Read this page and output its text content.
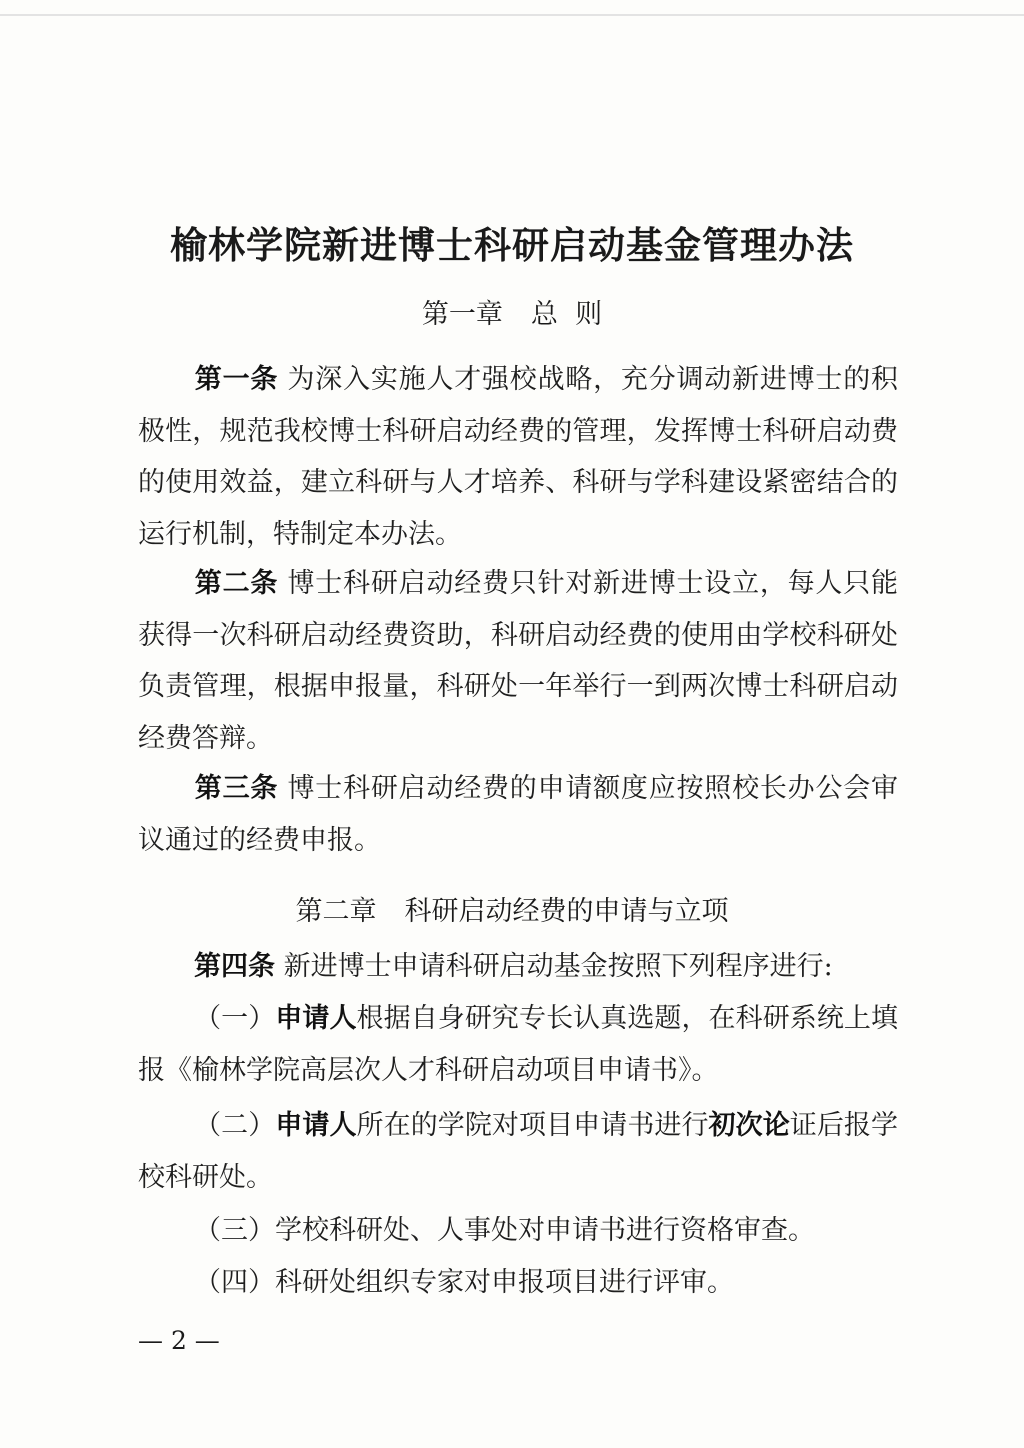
榆林学院新进博士科研启动基金管理办法
第一章 总  则
第一条 为深入实施人才强校战略，充分调动新进博士的积极性，规范我校博士科研启动经费的管理，发挥博士科研启动费的使用效益，建立科研与人才培养、科研与学科建设紧密结合的运行机制，特制定本办法。
第二条 博士科研启动经费只针对新进博士设立，每人只能获得一次科研启动经费资助，科研启动经费的使用由学校科研处负责管理，根据申报量，科研处一年举行一到两次博士科研启动经费答辩。
第三条 博士科研启动经费的申请额度应按照校长办公会审议通过的经费申报。
第二章 科研启动经费的申请与立项
第四条 新进博士申请科研启动基金按照下列程序进行:
（一）申请人根据自身研究专长认真选题，在科研系统上填报《榆林学院高层次人才科研启动项目申请书》。
（二）申请人所在的学院对项目申请书进行初次论证后报学校科研处。
（三）学校科研处、人事处对申请书进行资格审查。
（四）科研处组织专家对申报项目进行评审。
— 2 —
